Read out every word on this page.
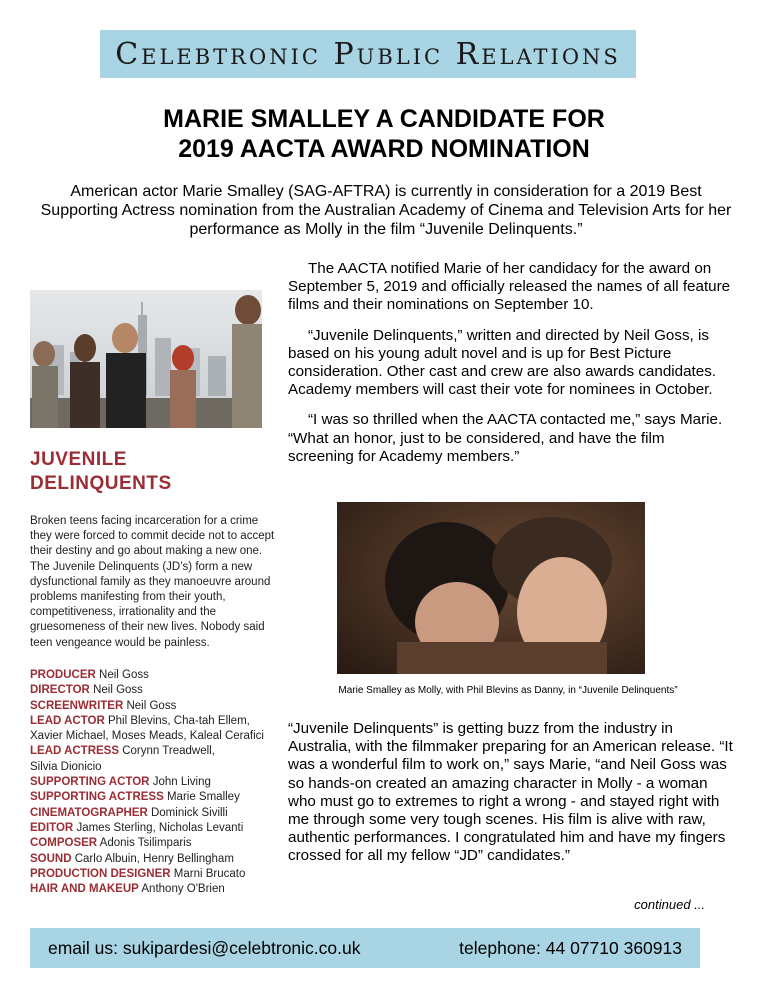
Celebtronic Public Relations
MARIE SMALLEY A CANDIDATE FOR
2019 AACTA AWARD NOMINATION
American actor Marie Smalley (SAG-AFTRA) is currently in consideration for a 2019 Best Supporting Actress nomination from the Australian Academy of Cinema and Television Arts for her performance as Molly in the film “Juvenile Delinquents.”
JUVENILE
DELINQUENTS
Broken teens facing incarceration for a crime they were forced to commit decide not to accept their destiny and go about making a new one. The Juvenile Delinquents (JD’s) form a new dysfunctional family as they manoeuvre around problems manifesting from their youth, competitiveness, irrationality and the gruesomeness of their new lives. Nobody said teen vengeance would be painless.
PRODUCER Neil Goss
DIRECTOR Neil Goss
SCREENWRITER Neil Goss
LEAD ACTOR Phil Blevins, Cha-tah Ellem,
Xavier Michael, Moses Meads, Kaleal Cerafici
LEAD ACTRESS Corynn Treadwell,
Silvia Dionicio
SUPPORTING ACTOR John Living
SUPPORTING ACTRESS Marie Smalley
CINEMATOGRAPHER Dominick Sivilli
EDITOR James Sterling, Nicholas Levanti
COMPOSER Adonis Tsilimparis
SOUND Carlo Albuin, Henry Bellingham
PRODUCTION DESIGNER Marni Brucato
HAIR AND MAKEUP Anthony O'Brien

The AACTA notified Marie of her candidacy for the award on September 5, 2019 and officially released the names of all feature films and their nominations on September 10.

“Juvenile Delinquents,” written and directed by Neil Goss, is based on his young adult novel and is up for Best Picture consideration. Other cast and crew are also awards candidates. Academy members will cast their vote for nominees in October.

“I was so thrilled when the AACTA contacted me,” says Marie. “What an honor, just to be considered, and have the film screening for Academy members.”

Marie Smalley as Molly, with Phil Blevins as Danny, in “Juvenile Delinquents”
“Juvenile Delinquents” is getting buzz from the industry in Australia, with the filmmaker preparing for an American release. “It was a wonderful film to work on,” says Marie, “and Neil Goss was so hands-on created an amazing character in Molly - a woman who must go to extremes to right a wrong - and stayed right with me through some very tough scenes. His film is alive with raw, authentic performances. I congratulated him and have my fingers crossed for all my fellow “JD” candidates.”
continued ...
email us: sukipardesi@celebtronic.co.uk	telephone: 44 07710 360913
